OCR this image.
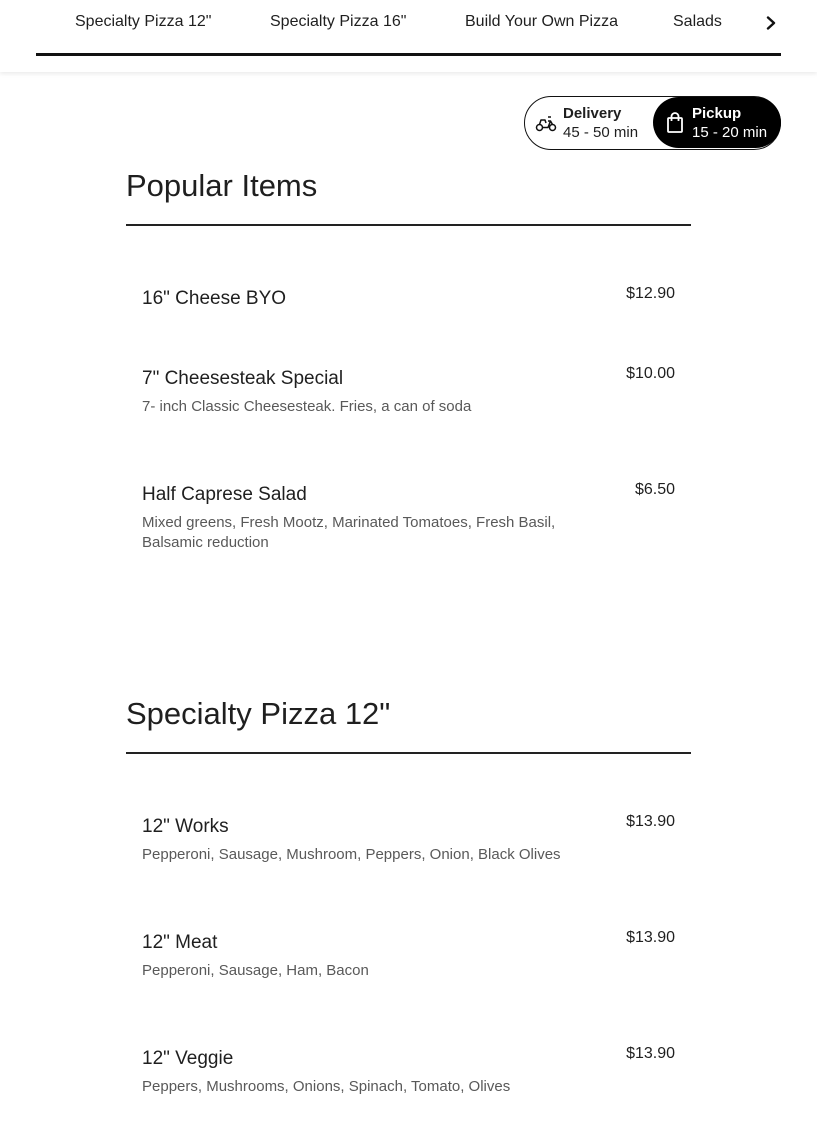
Specialty Pizza 12"	Specialty Pizza 16"	Build Your Own Pizza	Salads
Delivery
45 - 50 min
Pickup
15 - 20 min
Popular Items
16" Cheese BYO	$12.90
7" Cheesesteak Special	$10.00
7- inch Classic Cheesesteak. Fries, a can of soda
Half Caprese Salad	$6.50
Mixed greens, Fresh Mootz, Marinated Tomatoes, Fresh Basil, Balsamic reduction
Specialty Pizza 12"
12" Works	$13.90
Pepperoni, Sausage, Mushroom, Peppers, Onion, Black Olives
12" Meat	$13.90
Pepperoni, Sausage, Ham, Bacon
12" Veggie	$13.90
Peppers, Mushrooms, Onions, Spinach, Tomato, Olives
